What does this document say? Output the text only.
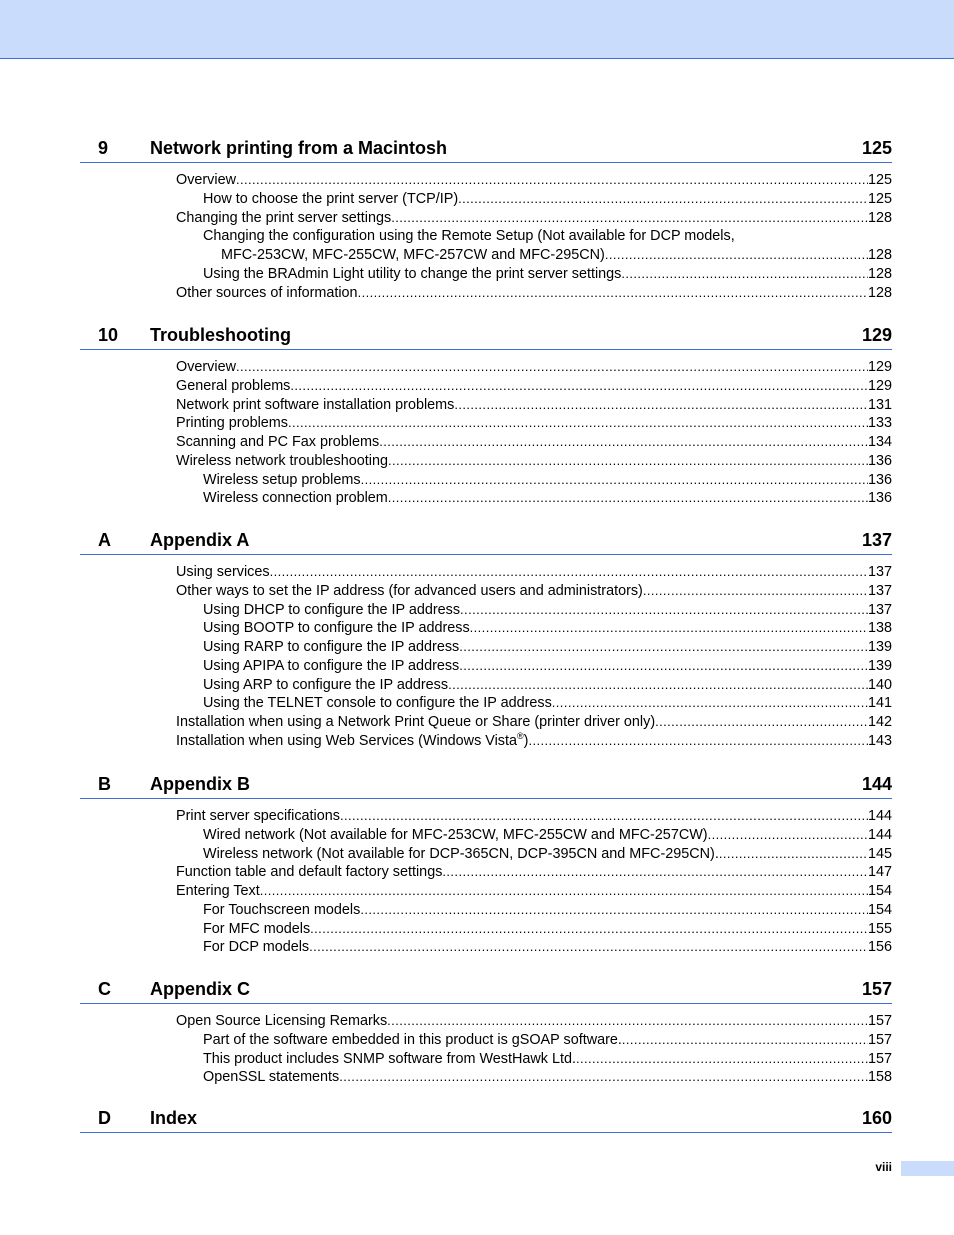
9 Network printing from a Macintosh	125
Overview .....	125
How to choose the print server (TCP/IP) .....	125
Changing the print server settings .....	128
Changing the configuration using the Remote Setup (Not available for DCP models,
MFC-253CW, MFC-255CW, MFC-257CW and MFC-295CN) .....	128
Using the BRAdmin Light utility to change the print server settings .....	128
Other sources of information .....	128
10 Troubleshooting	129
Overview .....	129
General problems .....	129
Network print software installation problems .....	131
Printing problems .....	133
Scanning and PC Fax problems .....	134
Wireless network troubleshooting .....	136
Wireless setup problems .....	136
Wireless connection problem .....	136
A Appendix A	137
Using services .....	137
Other ways to set the IP address (for advanced users and administrators) .....	137
Using DHCP to configure the IP address .....	137
Using BOOTP to configure the IP address .....	138
Using RARP to configure the IP address .....	139
Using APIPA to configure the IP address .....	139
Using ARP to configure the IP address .....	140
Using the TELNET console to configure the IP address .....	141
Installation when using a Network Print Queue or Share (printer driver only) .....	142
Installation when using Web Services (Windows Vista®) .....	143
B Appendix B	144
Print server specifications .....	144
Wired network (Not available for MFC-253CW, MFC-255CW and MFC-257CW) .....	144
Wireless network (Not available for DCP-365CN, DCP-395CN and MFC-295CN). .....	145
Function table and default factory settings .....	147
Entering Text .....	154
For Touchscreen models .....	154
For MFC models .....	155
For DCP models .....	156
C Appendix C	157
Open Source Licensing Remarks .....	157
Part of the software embedded in this product is gSOAP software. .....	157
This product includes SNMP software from WestHawk Ltd. .....	157
OpenSSL statements .....	158
D Index	160
viii
